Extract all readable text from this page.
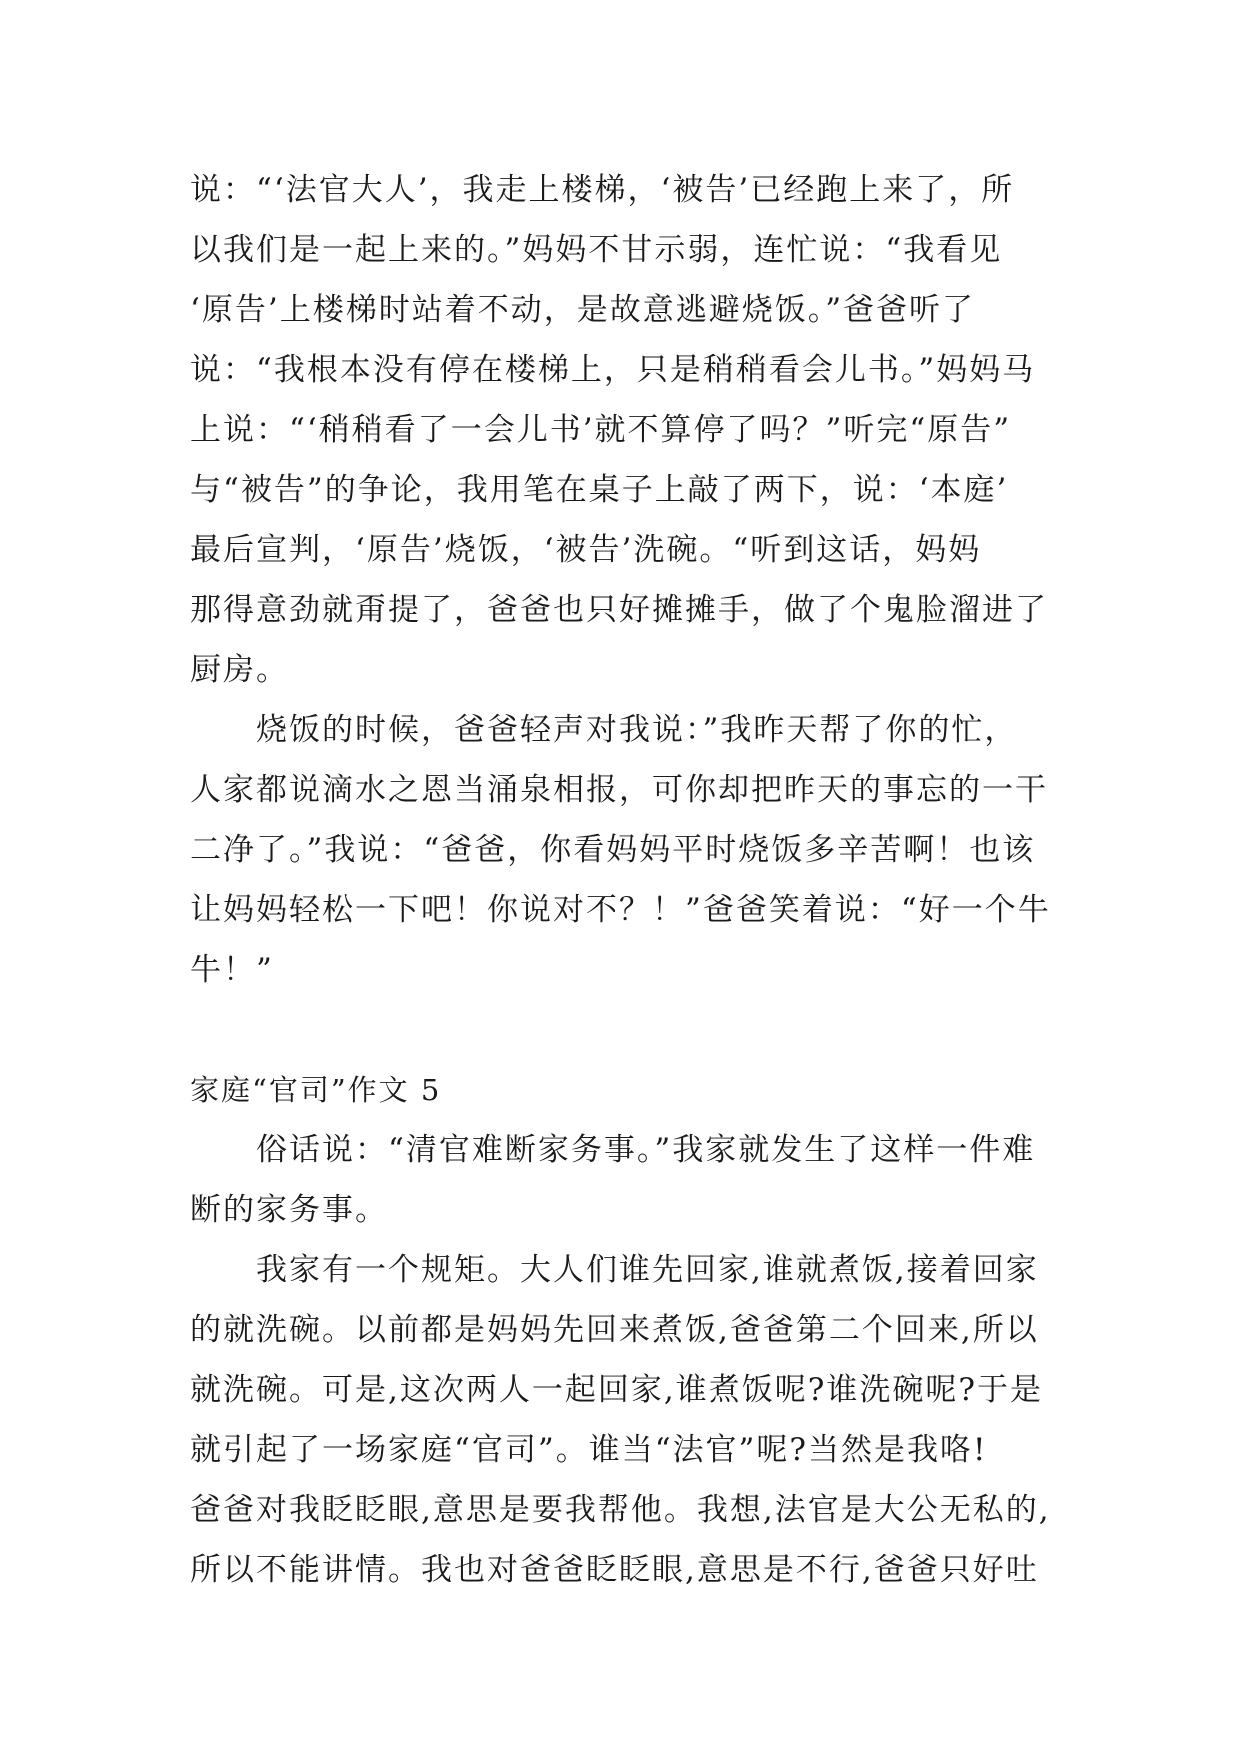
说：“‘法官大人’，我走上楼梯，‘被告’已经跑上来了，所
以我们是一起上来的。”妈妈不甘示弱，连忙说：“我看见
‘原告’上楼梯时站着不动，是故意逃避烧饭。”爸爸听了
说：“我根本没有停在楼梯上，只是稍稍看会儿书。”妈妈马
上说：“‘稍稍看了一会儿书’就不算停了吗？”听完“原告”
与“被告”的争论，我用笔在桌子上敲了两下，说：‘本庭’
最后宣判，‘原告’烧饭，‘被告’洗碗。“听到这话，妈妈
那得意劲就甭提了，爸爸也只好摊摊手，做了个鬼脸溜进了
厨房。
　　烧饭的时候，爸爸轻声对我说：”我昨天帮了你的忙，
人家都说滴水之恩当涌泉相报，可你却把昨天的事忘的一干
二净了。”我说：“爸爸，你看妈妈平时烧饭多辛苦啊！也该
让妈妈轻松一下吧！你说对不？！”爸爸笑着说：“好一个牛
牛！”
家庭“官司”作文 5
　　俗话说：“清官难断家务事。”我家就发生了这样一件难
断的家务事。
　　我家有一个规矩。大人们谁先回家,谁就煮饭,接着回家
的就洗碗。以前都是妈妈先回来煮饭,爸爸第二个回来,所以
就洗碗。可是,这次两人一起回家,谁煮饭呢?谁洗碗呢?于是
就引起了一场家庭“官司”。谁当“法官”呢?当然是我咯!
爸爸对我眨眨眼,意思是要我帮他。我想,法官是大公无私的,
所以不能讲情。我也对爸爸眨眨眼,意思是不行,爸爸只好吐
